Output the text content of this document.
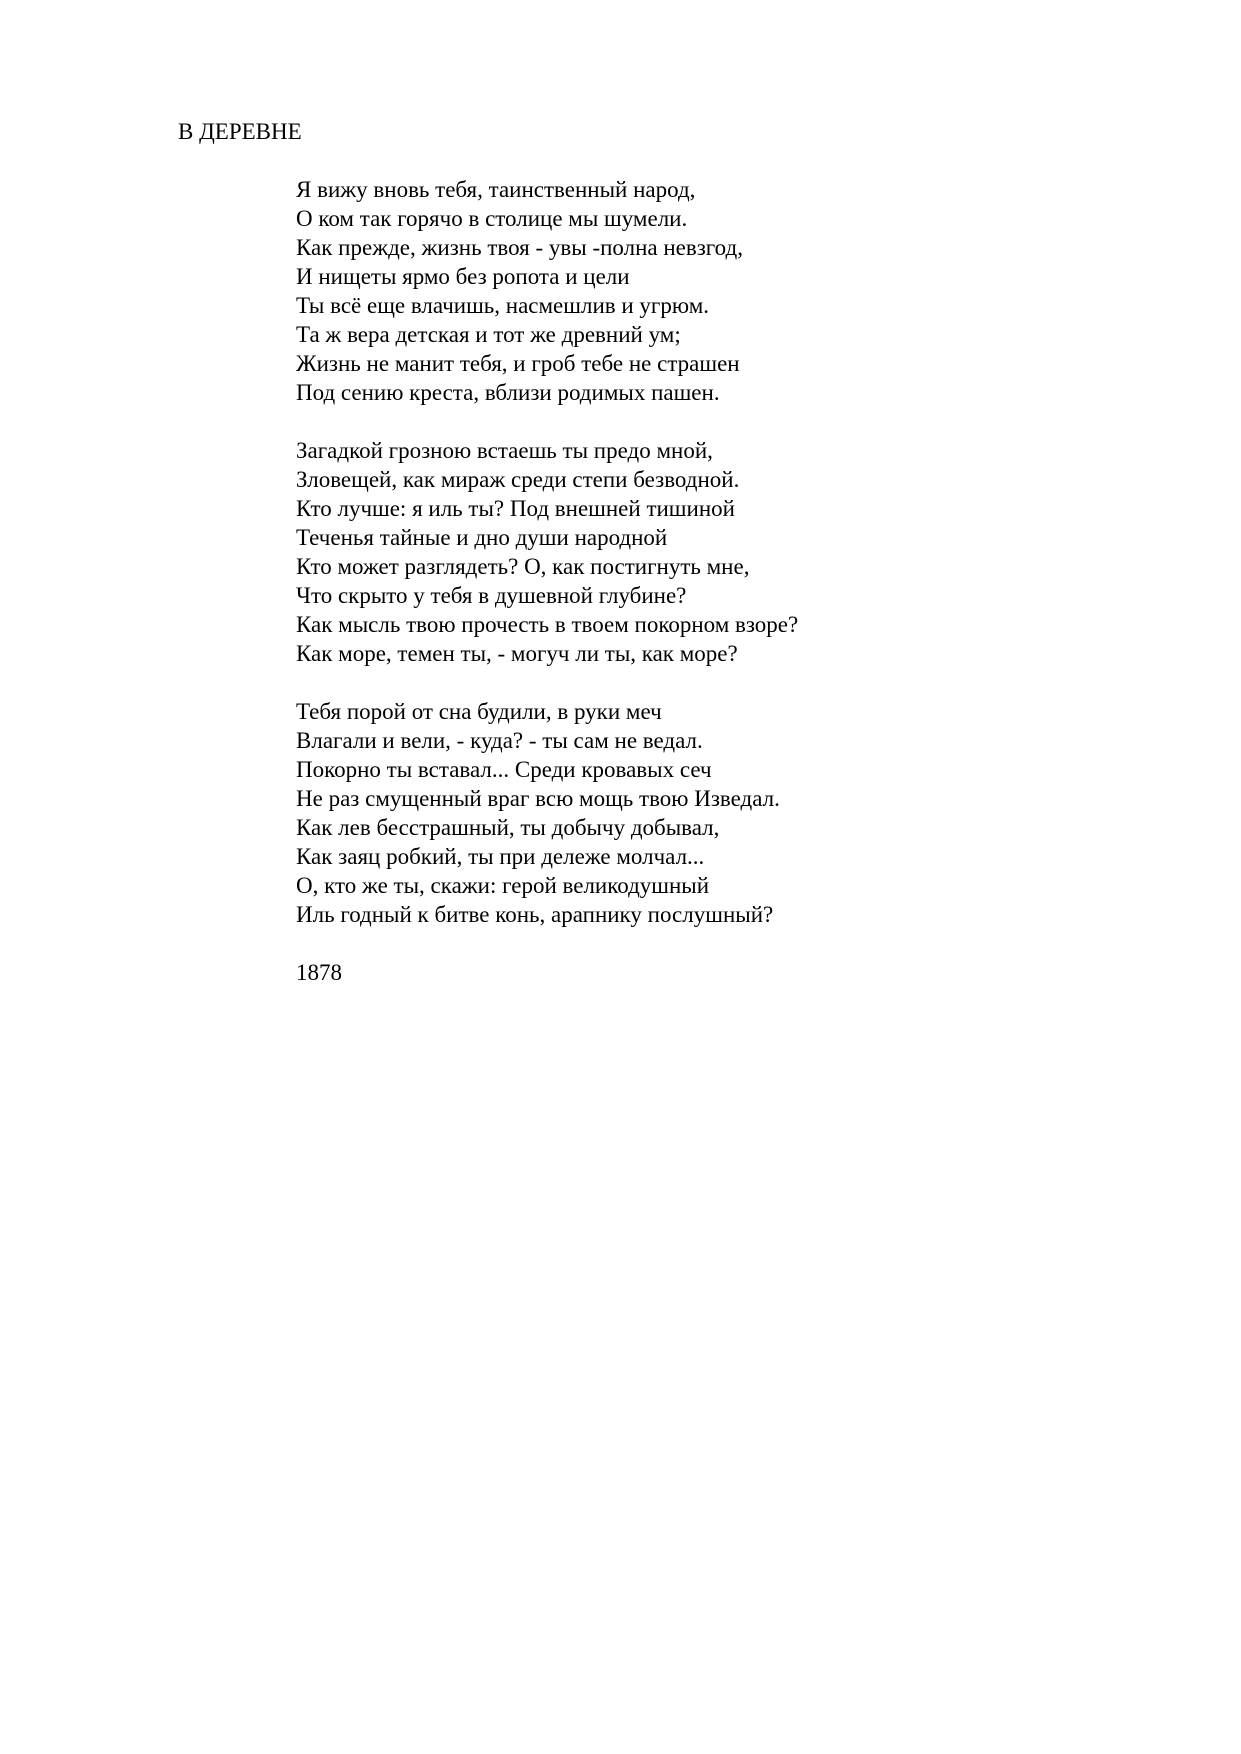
В ДЕРЕВНЕ
Я вижу вновь тебя, таинственный народ,
О ком так горячо в столице мы шумели.
Как прежде, жизнь твоя - увы -полна невзгод,
И нищеты ярмо без ропота и цели
Ты всё еще влачишь, насмешлив и угрюм.
Та ж вера детская и тот же древний ум;
Жизнь не манит тебя, и гроб тебе не страшен
Под сению креста, вблизи родимых пашен.
Загадкой грозною встаешь ты предо мной,
Зловещей, как мираж среди степи безводной.
Кто лучше: я иль ты? Под внешней тишиной
Теченья тайные и дно души народной
Кто может разглядеть? О, как постигнуть мне,
Что скрыто у тебя в душевной глубине?
Как мысль твою прочесть в твоем покорном взоре?
Как море, темен ты, - могуч ли ты, как море?
Тебя порой от сна будили, в руки меч
Влагали и вели, - куда? - ты сам не ведал.
Покорно ты вставал... Среди кровавых сеч
Не раз смущенный враг всю мощь твою Изведал.
Как лев бесстрашный, ты добычу добывал,
Как заяц робкий, ты при дележе молчал...
О, кто же ты, скажи: герой великодушный
Иль годный к битве конь, арапнику послушный?
1878
